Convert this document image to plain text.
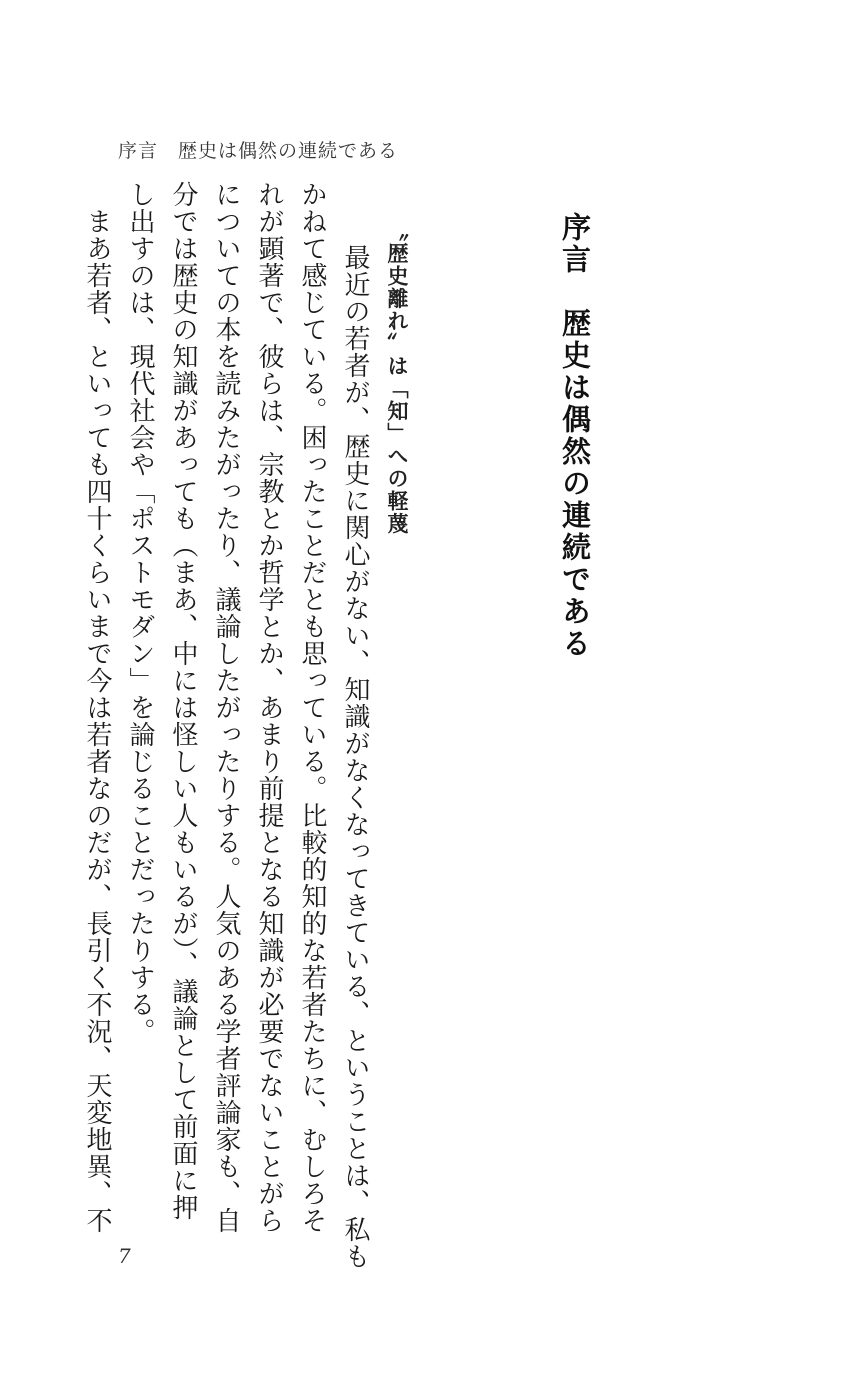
序言　歴史は偶然の連続である
序言　歴史は偶然の連続である
〝歴史離れ〟は「知」への軽蔑
最近の若者が、歴史に関心がない、知識がなくなってきている、ということは、私も
かねて感じている。困ったことだとも思っている。比較的知的な若者たちに、むしろそ
れが顕著で、彼らは、宗教とか哲学とか、あまり前提となる知識が必要でないことがら
についての本を読みたがったり、議論したがったりする。人気のある学者評論家も、自
分では歴史の知識があっても（まあ、中には怪しい人もいるが）、議論として前面に押
し出すのは、現代社会や「ポストモダン」を論じることだったりする。
　まあ若者、といっても四十くらいまで今は若者なのだが、長引く不況、天変地異、不
7
